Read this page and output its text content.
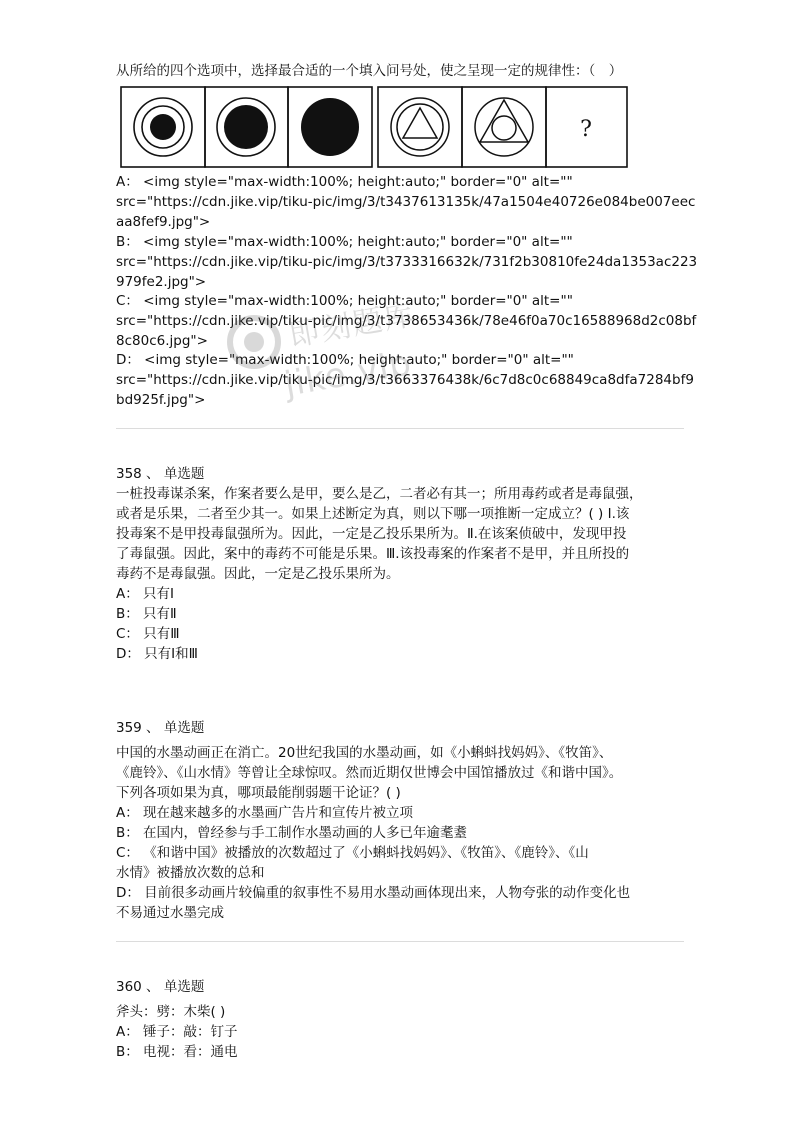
从所给的四个选项中，选择最合适的一个填入问号处，使之呈现一定的规律性：（　）
?
A： <img style="max-width:100%; height:auto;" border="0" alt=""
src="https://cdn.jike.vip/tiku-pic/img/3/t3437613135k/47a1504e40726e084be007eec
aa8fef9.jpg">
B： <img style="max-width:100%; height:auto;" border="0" alt=""
src="https://cdn.jike.vip/tiku-pic/img/3/t3733316632k/731f2b30810fe24da1353ac223
979fe2.jpg">
C： <img style="max-width:100%; height:auto;" border="0" alt=""
src="https://cdn.jike.vip/tiku-pic/img/3/t3738653436k/78e46f0a70c16588968d2c08bf
8c80c6.jpg">
D： <img style="max-width:100%; height:auto;" border="0" alt=""
src="https://cdn.jike.vip/tiku-pic/img/3/t3663376438k/6c7d8c0c68849ca8dfa7284bf9
bd925f.jpg">
358 、 单选题
一桩投毒谋杀案，作案者要么是甲，要么是乙，二者必有其一；所用毒药或者是毒鼠强，
或者是乐果，二者至少其一。如果上述断定为真，则以下哪一项推断一定成立？( ) Ⅰ.该
投毒案不是甲投毒鼠强所为。因此，一定是乙投乐果所为。Ⅱ.在该案侦破中，发现甲投
了毒鼠强。因此，案中的毒药不可能是乐果。Ⅲ.该投毒案的作案者不是甲，并且所投的
毒药不是毒鼠强。因此，一定是乙投乐果所为。
A： 只有Ⅰ
B： 只有Ⅱ
C： 只有Ⅲ
D： 只有Ⅰ和Ⅲ
359 、 单选题
中国的水墨动画正在消亡。20世纪我国的水墨动画，如《小蝌蚪找妈妈》、《牧笛》、
《鹿铃》、《山水情》等曾让全球惊叹。然而近期仅世博会中国馆播放过《和谐中国》。
下列各项如果为真，哪项最能削弱题干论证？( )
A： 现在越来越多的水墨画广告片和宣传片被立项
B： 在国内，曾经参与手工制作水墨动画的人多已年逾耄耋
C： 《和谐中国》被播放的次数超过了《小蝌蚪找妈妈》、《牧笛》、《鹿铃》、《山
水情》被播放次数的总和
D： 目前很多动画片较偏重的叙事性不易用水墨动画体现出来，人物夸张的动作变化也
不易通过水墨完成
360 、 单选题
斧头：劈：木柴( )
A： 锤子：敲：钉子
B： 电视：看：通电
即刻题库
jike.vip
